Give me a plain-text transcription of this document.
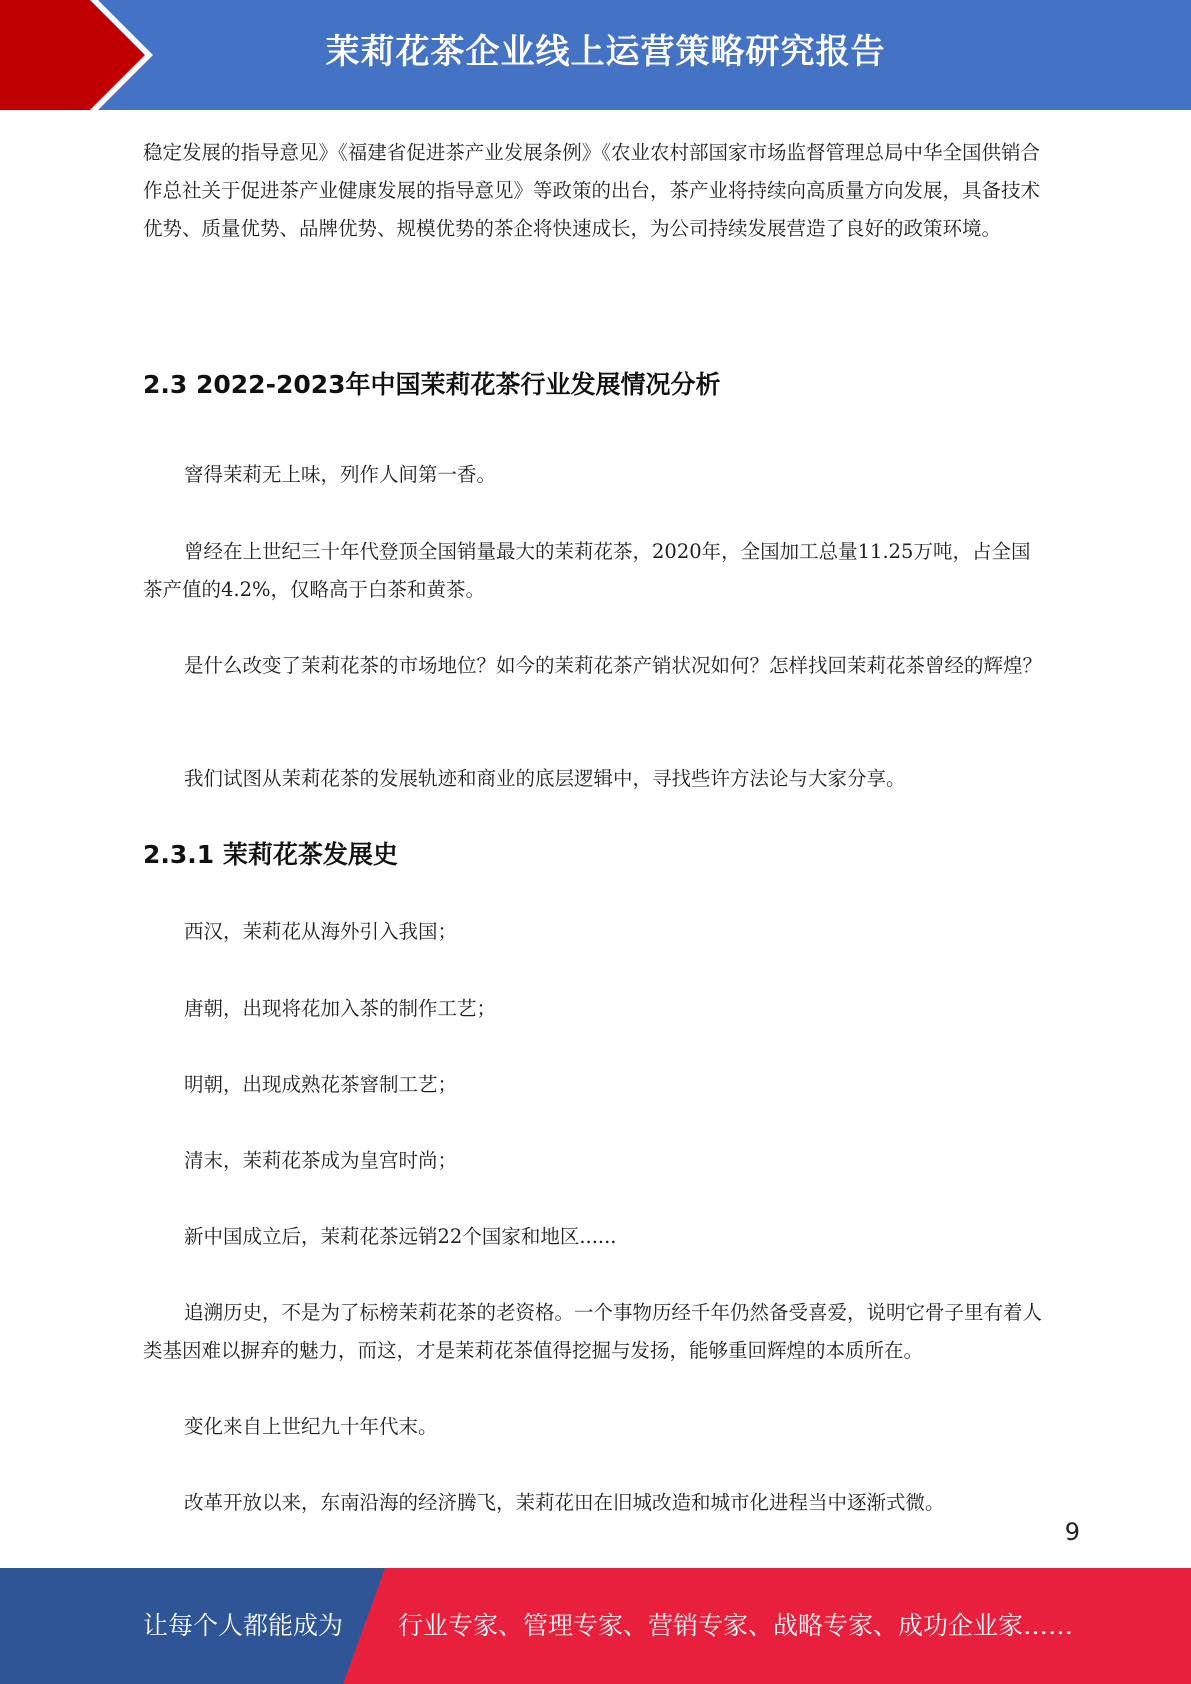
茉莉花茶企业线上运营策略研究报告

稳定发展的指导意见》《福建省促进茶产业发展条例》《农业农村部国家市场监督管理总局中华全国供销合作总社关于促进茶产业健康发展的指导意见》等政策的出台，茶产业将持续向高质量方向发展，具备技术优势、质量优势、品牌优势、规模优势的茶企将快速成长，为公司持续发展营造了良好的政策环境。

2.3 2022-2023年中国茉莉花茶行业发展情况分析

窨得茉莉无上味，列作人间第一香。

曾经在上世纪三十年代登顶全国销量最大的茉莉花茶，2020年，全国加工总量11.25万吨，占全国茶产值的4.2%，仅略高于白茶和黄茶。

是什么改变了茉莉花茶的市场地位？如今的茉莉花茶产销状况如何？怎样找回茉莉花茶曾经的辉煌？

我们试图从茉莉花茶的发展轨迹和商业的底层逻辑中，寻找些许方法论与大家分享。

2.3.1 茉莉花茶发展史

西汉，茉莉花从海外引入我国；

唐朝，出现将花加入茶的制作工艺；

明朝，出现成熟花茶窨制工艺；

清末，茉莉花茶成为皇宫时尚；

新中国成立后，茉莉花茶远销22个国家和地区......

追溯历史，不是为了标榜茉莉花茶的老资格。一个事物历经千年仍然备受喜爱，说明它骨子里有着人类基因难以摒弃的魅力，而这，才是茉莉花茶值得挖掘与发扬，能够重回辉煌的本质所在。

变化来自上世纪九十年代末。

改革开放以来，东南沿海的经济腾飞，茉莉花田在旧城改造和城市化进程当中逐渐式微。

9
让每个人都能成为 行业专家、管理专家、营销专家、战略专家、成功企业家……
